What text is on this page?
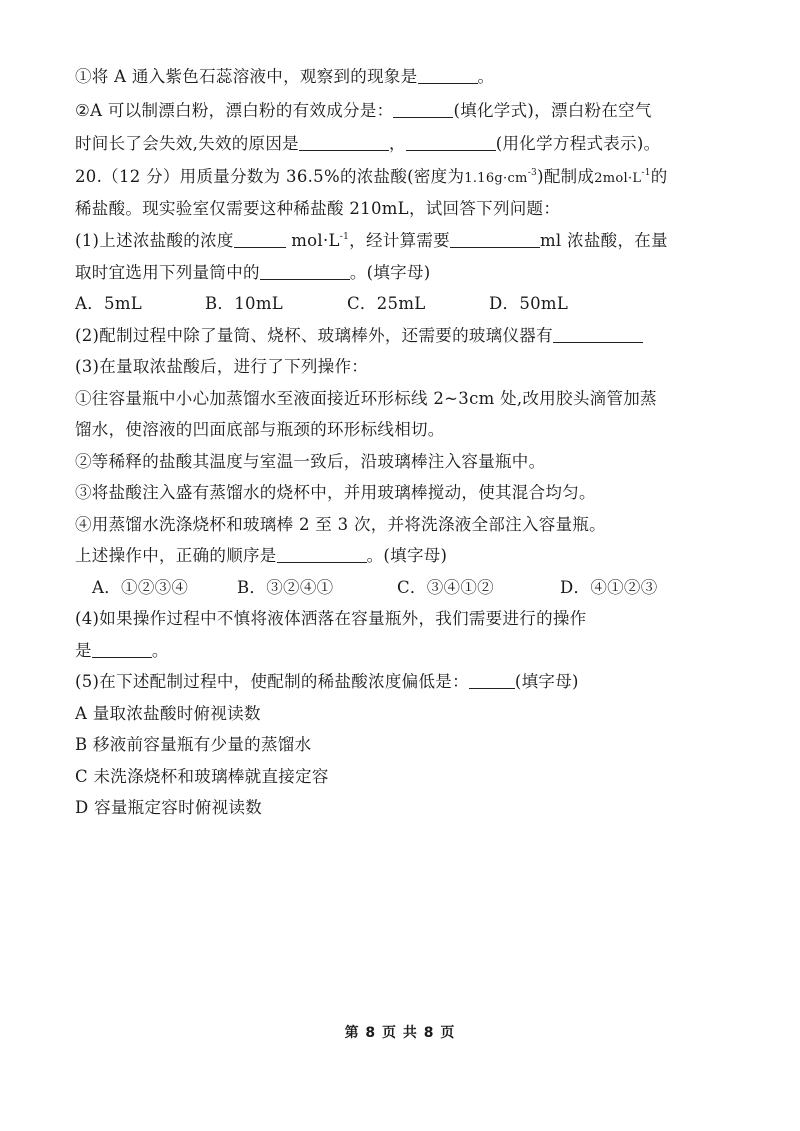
①将 A 通入紫色石蕊溶液中，观察到的现象是	。
②A 可以制漂白粉，漂白粉的有效成分是：	(填化学式)，漂白粉在空气
时间长了会失效,失效的原因是	，	(用化学方程式表示)。
20.（12 分）用质量分数为 36.5%的浓盐酸(密度为$1.16g\cdot cm^{-3}$)配制成$2mol\cdot L^{-1}$的
稀盐酸。现实验室仅需要这种稀盐酸 210mL，试回答下列问题：
(1)上述浓盐酸的浓度	$mol\cdot L^{-1}$，经计算需要	ml 浓盐酸，在量
取时宜选用下列量筒中的	。(填字母)
A．5mL	B．10mL	C．25mL	D．50mL
(2)配制过程中除了量筒、烧杯、玻璃棒外，还需要的玻璃仪器有
(3)在量取浓盐酸后，进行了下列操作：
①往容量瓶中小心加蒸馏水至液面接近环形标线 2~3cm 处,改用胶头滴管加蒸
馏水，使溶液的凹面底部与瓶颈的环形标线相切。
②等稀释的盐酸其温度与室温一致后，沿玻璃棒注入容量瓶中。
③将盐酸注入盛有蒸馏水的烧杯中，并用玻璃棒搅动，使其混合均匀。
④用蒸馏水洗涤烧杯和玻璃棒 2 至 3 次，并将洗涤液全部注入容量瓶。
上述操作中，正确的顺序是	。(填字母)
A．①②③④	B．③②④①	C．③④①②	D．④①②③
(4)如果操作过程中不慎将液体洒落在容量瓶外，我们需要进行的操作
是	。
(5)在下述配制过程中，使配制的稀盐酸浓度偏低是：	(填字母)
A 量取浓盐酸时俯视读数
B 移液前容量瓶有少量的蒸馏水
C 未洗涤烧杯和玻璃棒就直接定容
D 容量瓶定容时俯视读数
第 8 页 共 8 页
